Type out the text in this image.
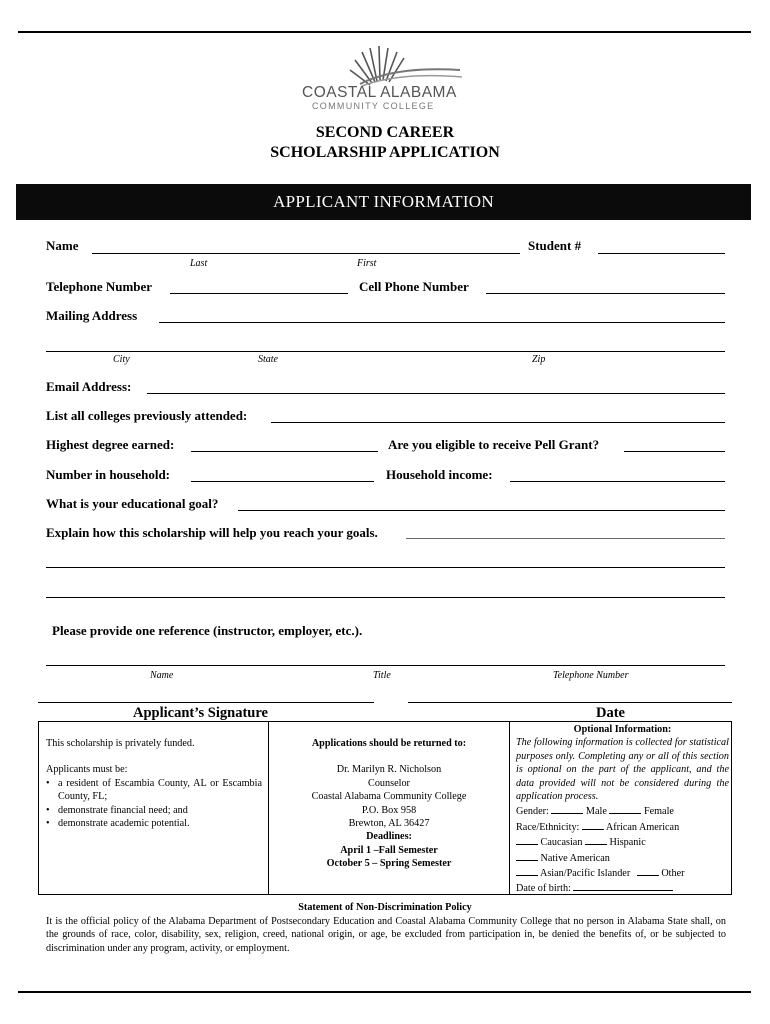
COASTAL ALABAMA
COMMUNITY COLLEGE
SECOND CAREER
SCHOLARSHIP APPLICATION
APPLICANT INFORMATION
Name	Student #
Last	First
Telephone Number	Cell Phone Number
Mailing Address
City	State	Zip
Email Address:
List all colleges previously attended:
Highest degree earned:	Are you eligible to receive Pell Grant?
Number in household:	Household income:
What is your educational goal?
Explain how this scholarship will help you reach your goals.
Please provide one reference (instructor, employer, etc.).
Name	Title	Telephone Number
Applicant’s Signature	Date
This scholarship is privately funded.
Applicants must be:
• a resident of Escambia County, AL or Escambia County, FL;
• demonstrate financial need; and
• demonstrate academic potential.
Applications should be returned to:
Dr. Marilyn R. Nicholson
Counselor
Coastal Alabama Community College
P.O. Box 958
Brewton, AL 36427
Deadlines:
April 1 –Fall Semester
October 5 – Spring Semester
Optional Information:
The following information is collected for statistical purposes only. Completing any or all of this section is optional on the part of the applicant, and the data provided will not be considered during the application process.
Gender:	Male	Female
Race/Ethnicity:	African American
Caucasian	Hispanic
Native American
Asian/Pacific Islander	Other
Date of birth:
Statement of Non-Discrimination Policy
It is the official policy of the Alabama Department of Postsecondary Education and Coastal Alabama Community College that no person in Alabama State shall, on the grounds of race, color, disability, sex, religion, creed, national origin, or age, be excluded from participation in, be denied the benefits of, or be subjected to discrimination under any program, activity, or employment.
